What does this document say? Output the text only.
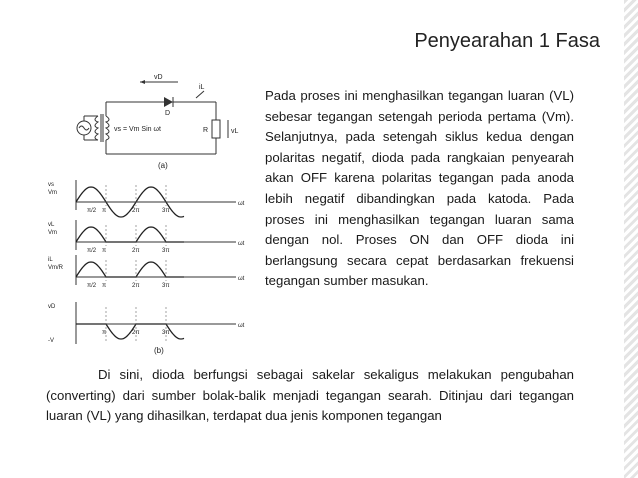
Penyearahan 1 Fasa
vD
iL
D
vs = Vm Sin ωt	R	vL
(a)
vs
Vm
ωt
π/2 π	2π	3π
vL
Vm
ωt
π/2 π	2π	3π
iL
Vm/R
ωt
π/2 π	2π	3π
vD
-V
ωt
π	2π	3π
(b)
Pada proses ini menghasilkan tegangan luaran (VL) sebesar tegangan setengah perioda pertama (Vm). Selanjutnya, pada setengah siklus kedua dengan polaritas negatif, dioda pada rangkaian penyearah akan OFF karena polaritas tegangan pada anoda lebih negatif dibandingkan pada katoda. Pada proses ini menghasilkan tegangan luaran sama dengan nol. Proses ON dan OFF dioda ini berlangsung secara cepat berdasarkan frekuensi tegangan sumber masukan.
Di sini, dioda berfungsi sebagai sakelar sekaligus melakukan pengubahan (converting) dari sumber bolak-balik menjadi tegangan searah. Ditinjau dari tegangan luaran (VL) yang dihasilkan, terdapat dua jenis komponen tegangan
